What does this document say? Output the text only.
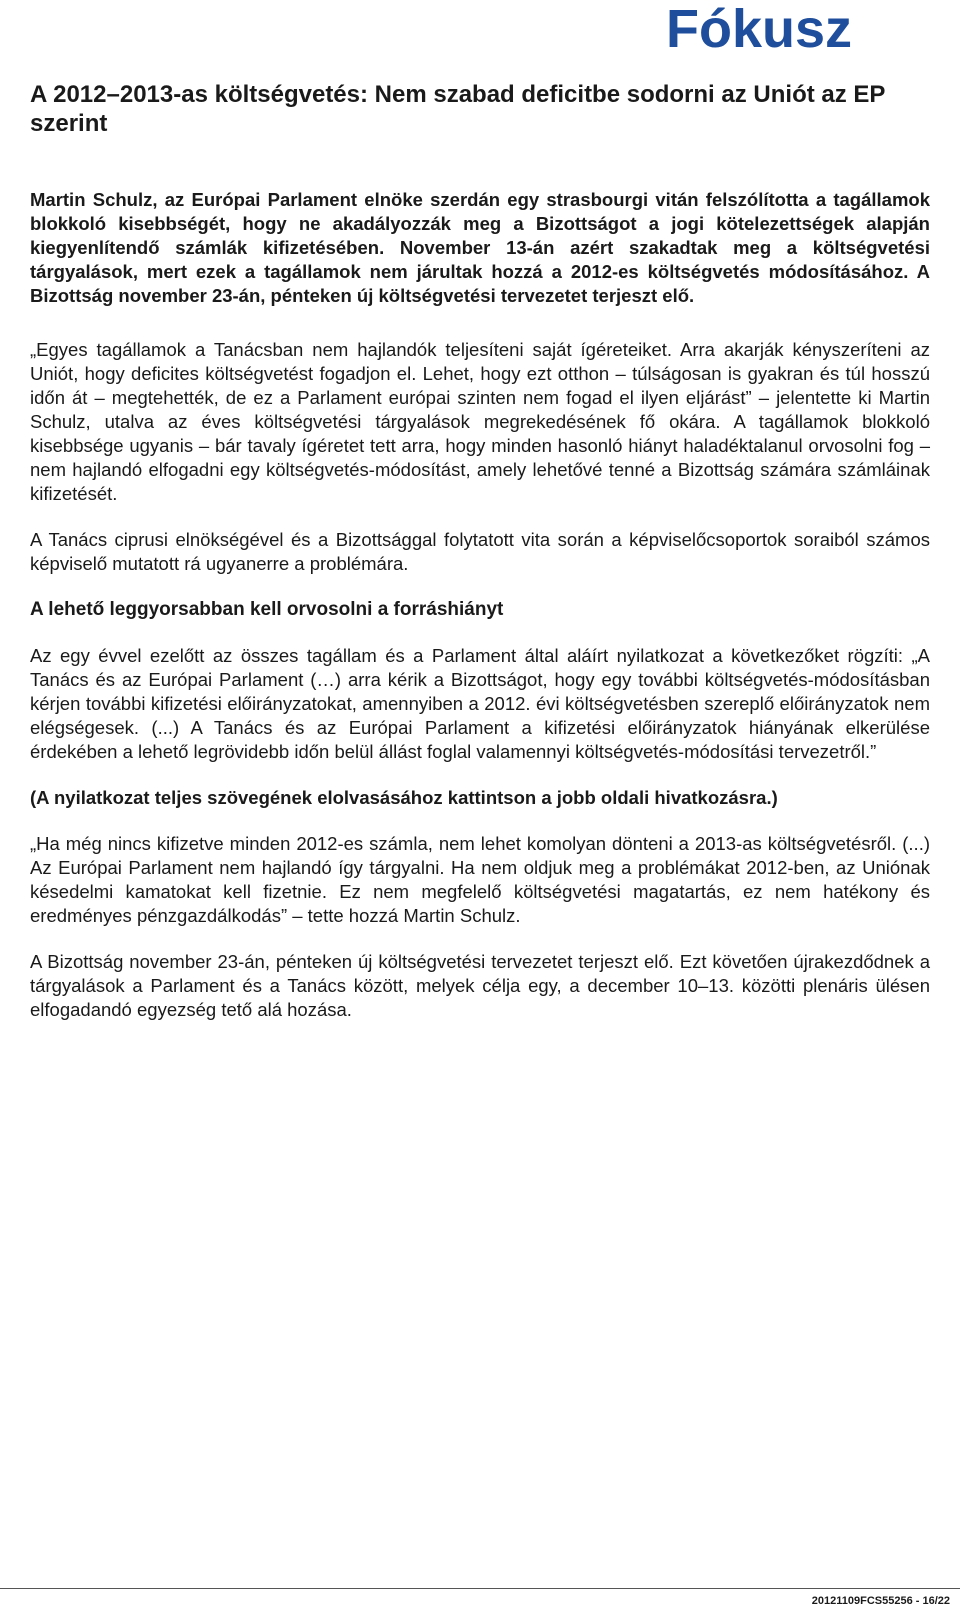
Fókusz
A 2012–2013-as költségvetés: Nem szabad deficitbe sodorni az Uniót az EP szerint

Martin Schulz, az Európai Parlament elnöke szerdán egy strasbourgi vitán felszólította a tagállamok blokkoló kisebbségét, hogy ne akadályozzák meg a Bizottságot a jogi kötelezettségek alapján kiegyenlítendő számlák kifizetésében. November 13-án azért szakadtak meg a költségvetési tárgyalások, mert ezek a tagállamok nem járultak hozzá a 2012-es költségvetés módosításához. A Bizottság november 23-án, pénteken új költségvetési tervezetet terjeszt elő.

„Egyes tagállamok a Tanácsban nem hajlandók teljesíteni saját ígéreteiket. Arra akarják kényszeríteni az Uniót, hogy deficites költségvetést fogadjon el. Lehet, hogy ezt otthon – túlságosan is gyakran és túl hosszú időn át – megtehették, de ez a Parlament európai szinten nem fogad el ilyen eljárást” – jelentette ki Martin Schulz, utalva az éves költségvetési tárgyalások megrekedésének fő okára. A tagállamok blokkoló kisebbsége ugyanis – bár tavaly ígéretet tett arra, hogy minden hasonló hiányt haladéktalanul orvosolni fog – nem hajlandó elfogadni egy költségvetés-módosítást, amely lehetővé tenné a Bizottság számára számláinak kifizetését.

A Tanács ciprusi elnökségével és a Bizottsággal folytatott vita során a képviselőcsoportok soraiból számos képviselő mutatott rá ugyanerre a problémára.

A lehető leggyorsabban kell orvosolni a forráshiányt

Az egy évvel ezelőtt az összes tagállam és a Parlament által aláírt nyilatkozat a következőket rögzíti: „A Tanács és az Európai Parlament (…) arra kérik a Bizottságot, hogy egy további költségvetés-módosításban kérjen további kifizetési előirányzatokat, amennyiben a 2012. évi költségvetésben szereplő előirányzatok nem elégségesek. (...) A Tanács és az Európai Parlament a kifizetési előirányzatok hiányának elkerülése érdekében a lehető legrövidebb időn belül állást foglal valamennyi költségvetés-módosítási tervezetről.”

(A nyilatkozat teljes szövegének elolvasásához kattintson a jobb oldali hivatkozásra.)

„Ha még nincs kifizetve minden 2012-es számla, nem lehet komolyan dönteni a 2013-as költségvetésről. (...) Az Európai Parlament nem hajlandó így tárgyalni. Ha nem oldjuk meg a problémákat 2012-ben, az Uniónak késedelmi kamatokat kell fizetnie. Ez nem megfelelő költségvetési magatartás, ez nem hatékony és eredményes pénzgazdálkodás” – tette hozzá Martin Schulz.

A Bizottság november 23-án, pénteken új költségvetési tervezetet terjeszt elő. Ezt követően újrakezdődnek a tárgyalások a Parlament és a Tanács között, melyek célja egy, a december 10–13. közötti plenáris ülésen elfogadandó egyezség tető alá hozása.

20121109FCS55256 - 16/22
